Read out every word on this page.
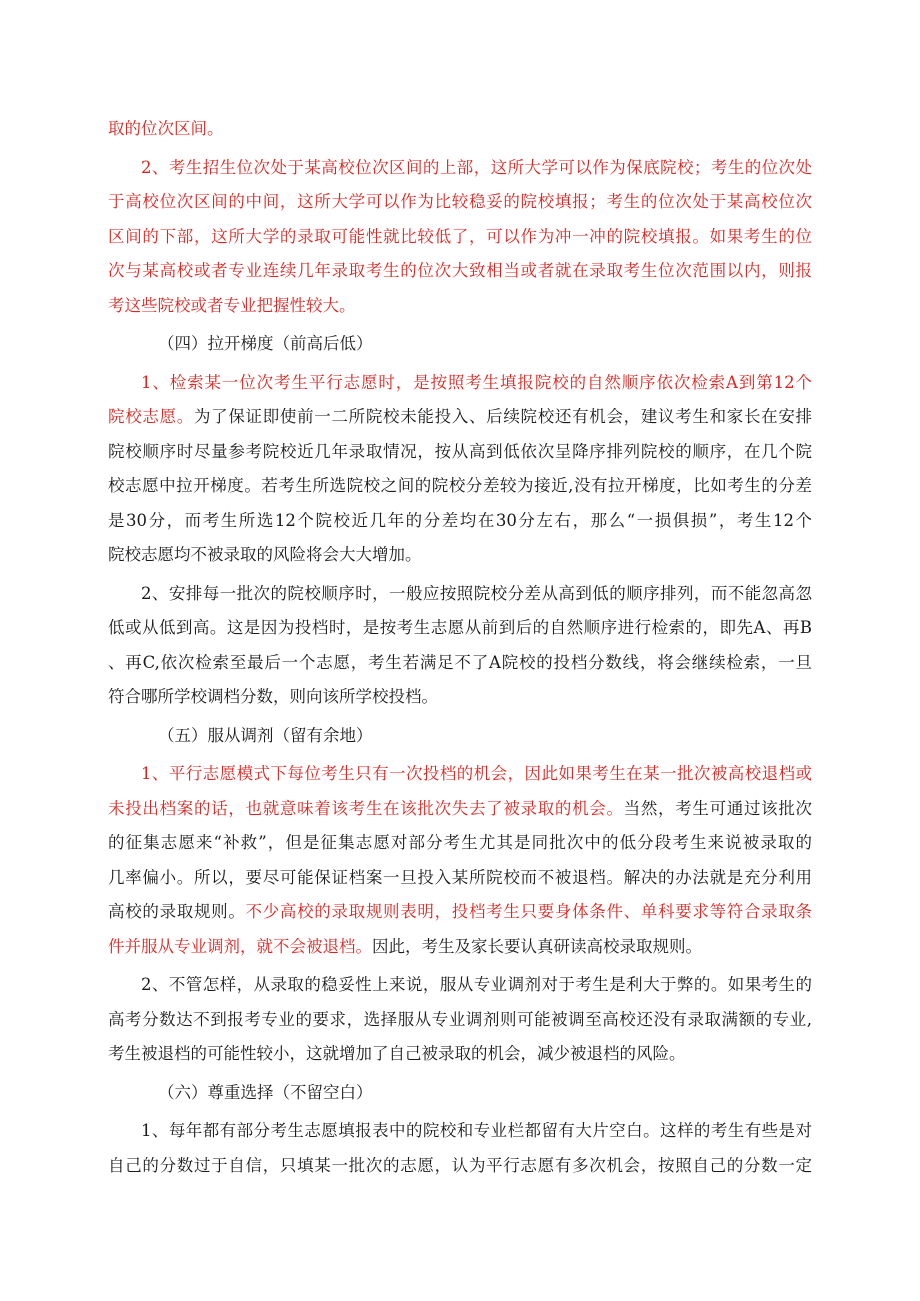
取的位次区间。
2、考生招生位次处于某高校位次区间的上部，这所大学可以作为保底院校；考生的位次处
于高校位次区间的中间，这所大学可以作为比较稳妥的院校填报；考生的位次处于某高校位次
区间的下部，这所大学的录取可能性就比较低了，可以作为冲一冲的院校填报。如果考生的位
次与某高校或者专业连续几年录取考生的位次大致相当或者就在录取考生位次范围以内，则报
考这些院校或者专业把握性较大。
（四）拉开梯度（前高后低）
1、检索某一位次考生平行志愿时，是按照考生填报院校的自然顺序依次检索A到第12个
院校志愿。为了保证即使前一二所院校未能投入、后续院校还有机会，建议考生和家长在安排
院校顺序时尽量参考院校近几年录取情况，按从高到低依次呈降序排列院校的顺序，在几个院
校志愿中拉开梯度。若考生所选院校之间的院校分差较为接近,没有拉开梯度，比如考生的分差
是30分，而考生所选12个院校近几年的分差均在30分左右，那么“一损俱损”，考生12个
院校志愿均不被录取的风险将会大大增加。
2、安排每一批次的院校顺序时，一般应按照院校分差从高到低的顺序排列，而不能忽高忽
低或从低到高。这是因为投档时，是按考生志愿从前到后的自然顺序进行检索的，即先A、再B
、再C,依次检索至最后一个志愿，考生若满足不了A院校的投档分数线，将会继续检索，一旦
符合哪所学校调档分数，则向该所学校投档。
（五）服从调剂（留有余地）
1、平行志愿模式下每位考生只有一次投档的机会，因此如果考生在某一批次被高校退档或
未投出档案的话，也就意味着该考生在该批次失去了被录取的机会。当然，考生可通过该批次
的征集志愿来“补救”，但是征集志愿对部分考生尤其是同批次中的低分段考生来说被录取的
几率偏小。所以，要尽可能保证档案一旦投入某所院校而不被退档。解决的办法就是充分利用
高校的录取规则。不少高校的录取规则表明，投档考生只要身体条件、单科要求等符合录取条
件并服从专业调剂，就不会被退档。因此，考生及家长要认真研读高校录取规则。
2、不管怎样，从录取的稳妥性上来说，服从专业调剂对于考生是利大于弊的。如果考生的
高考分数达不到报考专业的要求，选择服从专业调剂则可能被调至高校还没有录取满额的专业,
考生被退档的可能性较小，这就增加了自己被录取的机会，减少被退档的风险。
（六）尊重选择（不留空白）
1、每年都有部分考生志愿填报表中的院校和专业栏都留有大片空白。这样的考生有些是对
自己的分数过于自信，只填某一批次的志愿，认为平行志愿有多次机会，按照自己的分数一定
